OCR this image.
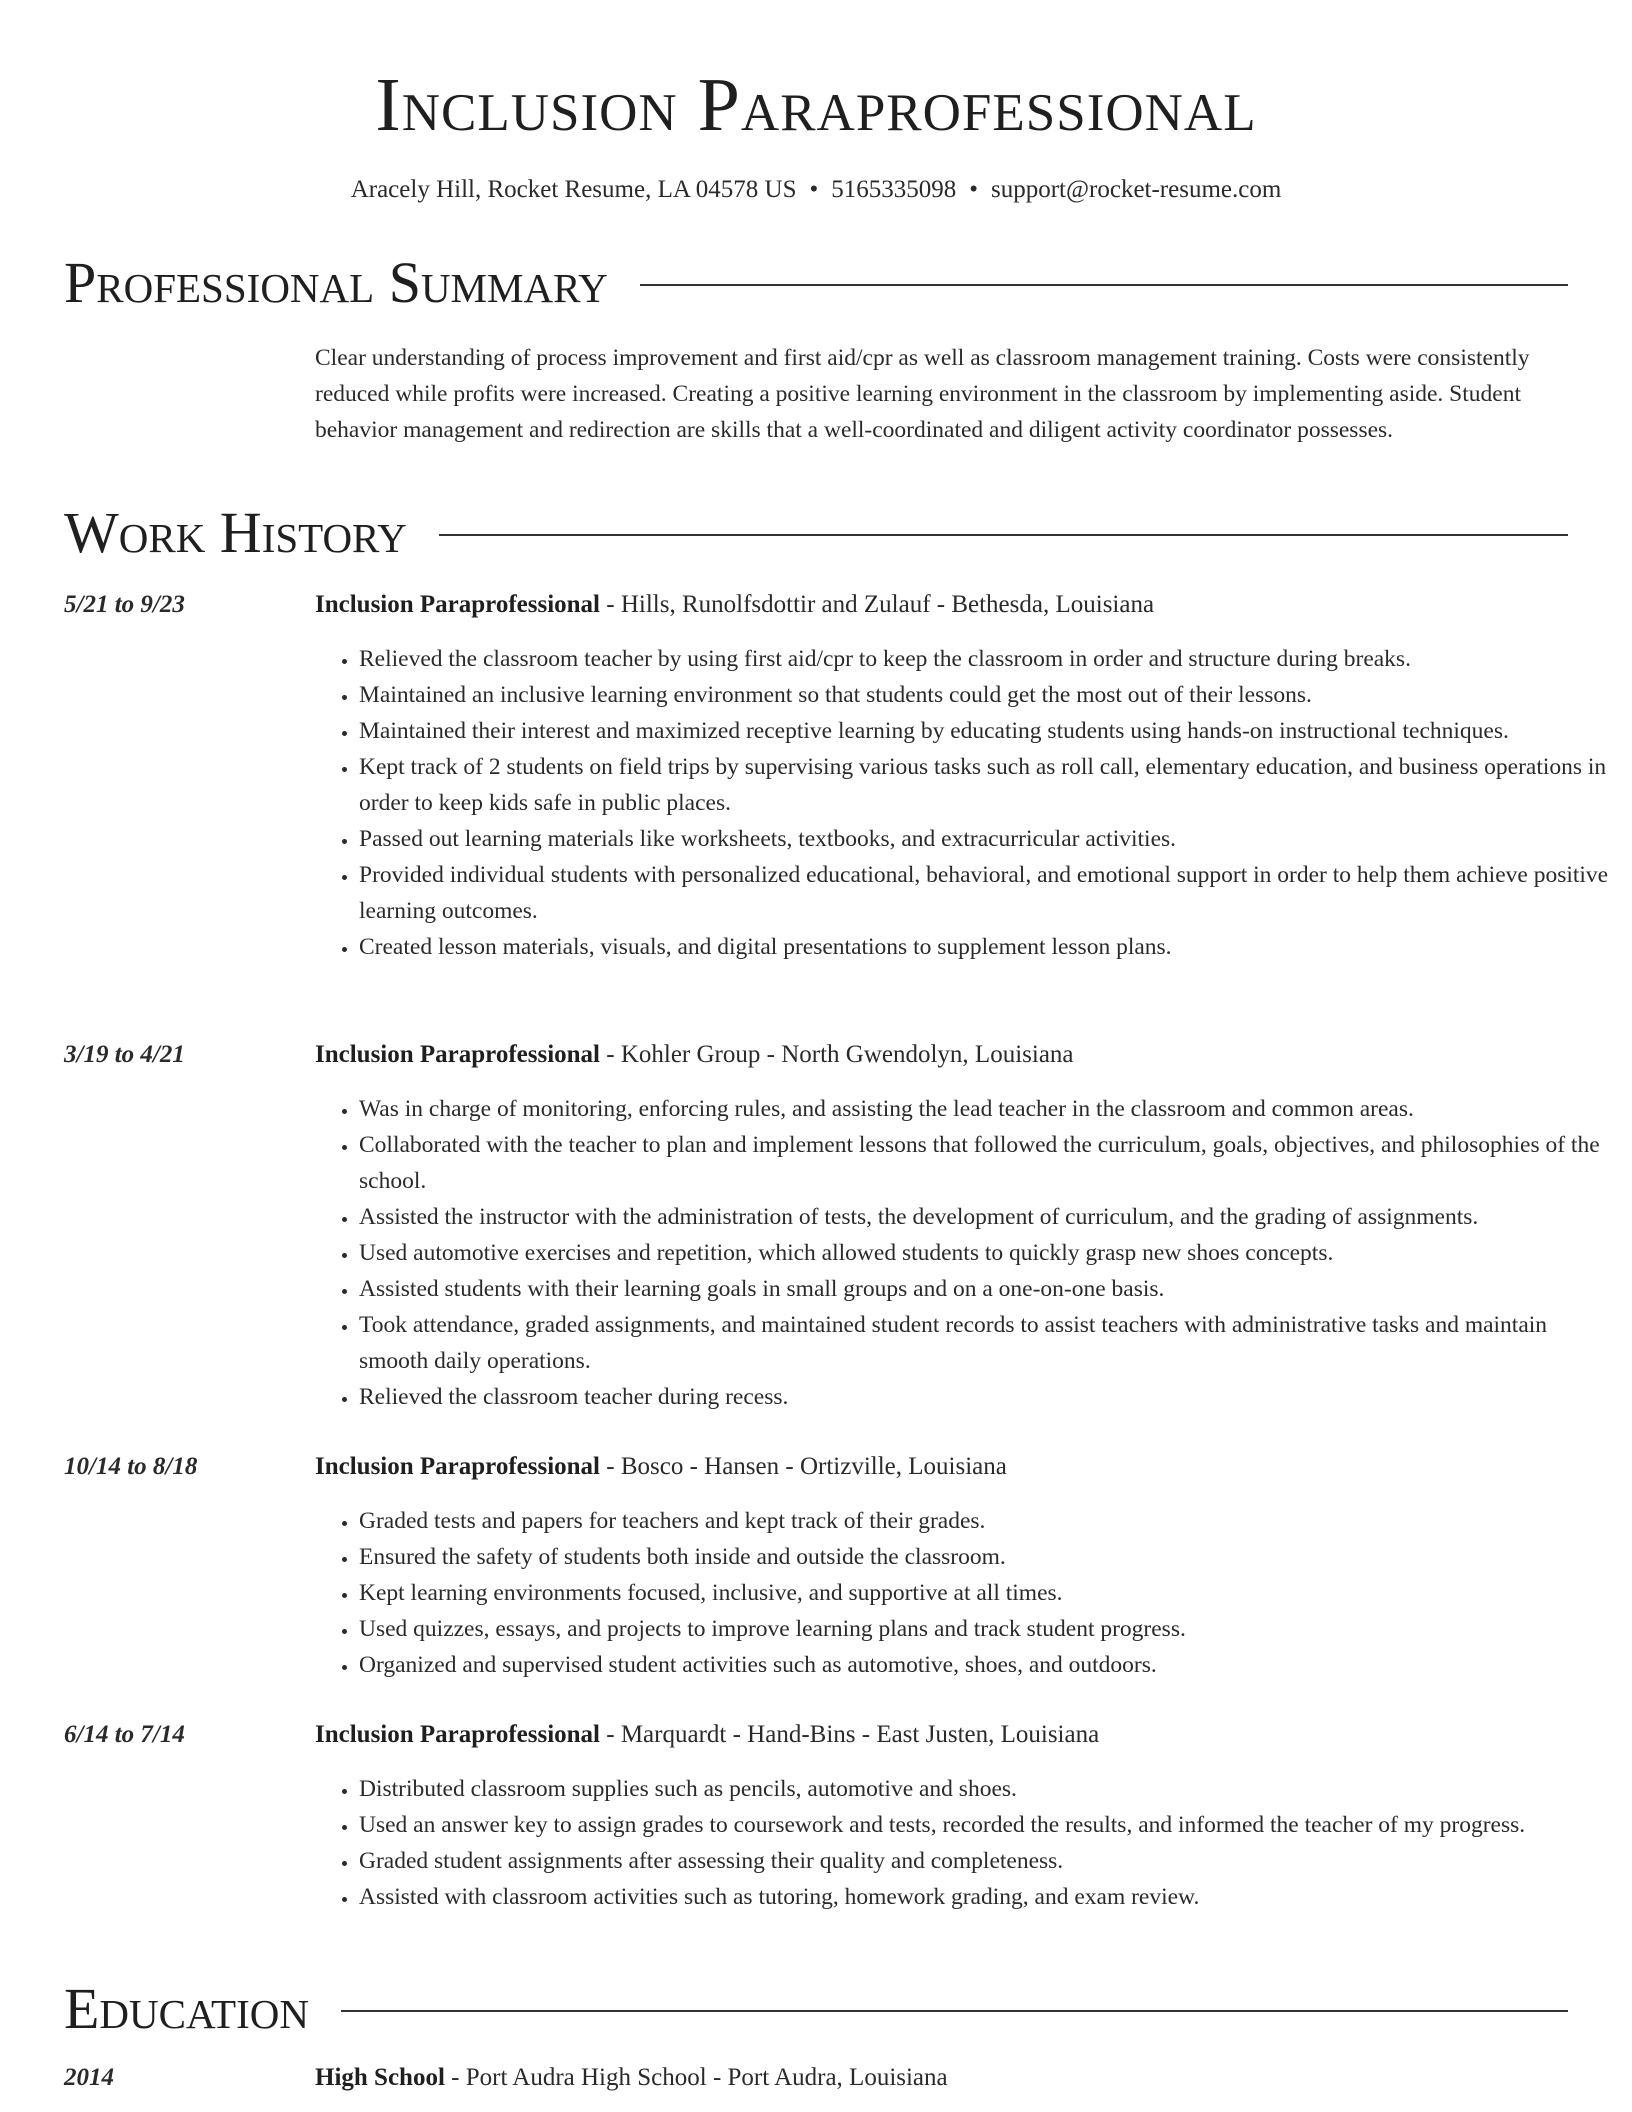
Inclusion Paraprofessional
Aracely Hill, Rocket Resume, LA 04578 US • 5165335098 • support@rocket-resume.com
Professional Summary

Clear understanding of process improvement and first aid/cpr as well as classroom management training. Costs were consistently reduced while profits were increased. Creating a positive learning environment in the classroom by implementing aside. Student behavior management and redirection are skills that a well-coordinated and diligent activity coordinator possesses.

Work History
5/21 to 9/23	Inclusion Paraprofessional - Hills, Runolfsdottir and Zulauf - Bethesda, Louisiana
• Relieved the classroom teacher by using first aid/cpr to keep the classroom in order and structure during breaks.
• Maintained an inclusive learning environment so that students could get the most out of their lessons.
• Maintained their interest and maximized receptive learning by educating students using hands-on instructional techniques.
• Kept track of 2 students on field trips by supervising various tasks such as roll call, elementary education, and business operations in order to keep kids safe in public places.
• Passed out learning materials like worksheets, textbooks, and extracurricular activities.
• Provided individual students with personalized educational, behavioral, and emotional support in order to help them achieve positive learning outcomes.
• Created lesson materials, visuals, and digital presentations to supplement lesson plans.
3/19 to 4/21	Inclusion Paraprofessional - Kohler Group - North Gwendolyn, Louisiana
• Was in charge of monitoring, enforcing rules, and assisting the lead teacher in the classroom and common areas.
• Collaborated with the teacher to plan and implement lessons that followed the curriculum, goals, objectives, and philosophies of the school.
• Assisted the instructor with the administration of tests, the development of curriculum, and the grading of assignments.
• Used automotive exercises and repetition, which allowed students to quickly grasp new shoes concepts.
• Assisted students with their learning goals in small groups and on a one-on-one basis.
• Took attendance, graded assignments, and maintained student records to assist teachers with administrative tasks and maintain smooth daily operations.
• Relieved the classroom teacher during recess.
10/14 to 8/18	Inclusion Paraprofessional - Bosco - Hansen - Ortizville, Louisiana
• Graded tests and papers for teachers and kept track of their grades.
• Ensured the safety of students both inside and outside the classroom.
• Kept learning environments focused, inclusive, and supportive at all times.
• Used quizzes, essays, and projects to improve learning plans and track student progress.
• Organized and supervised student activities such as automotive, shoes, and outdoors.
6/14 to 7/14	Inclusion Paraprofessional - Marquardt - Hand-Bins - East Justen, Louisiana
• Distributed classroom supplies such as pencils, automotive and shoes.
• Used an answer key to assign grades to coursework and tests, recorded the results, and informed the teacher of my progress.
• Graded student assignments after assessing their quality and completeness.
• Assisted with classroom activities such as tutoring, homework grading, and exam review.
Education
2014	High School - Port Audra High School - Port Audra, Louisiana
